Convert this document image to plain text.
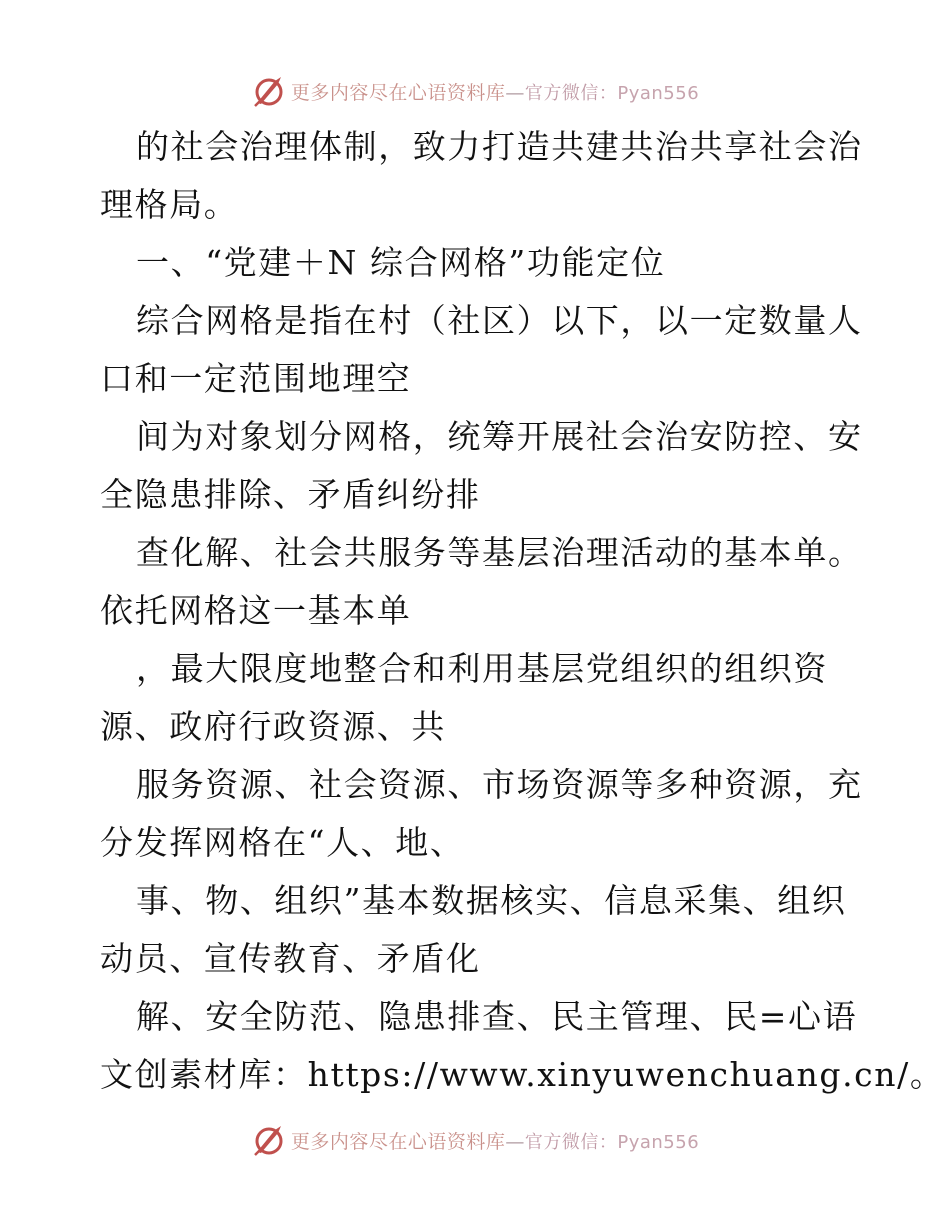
更多内容尽在心语资料库—官方微信：Pyan556
的社会治理体制，致力打造共建共治共享社会治
理格局。
一、“党建＋N 综合网格”功能定位
综合网格是指在村（社区）以下，以一定数量人
口和一定范围地理空
间为对象划分网格，统筹开展社会治安防控、安
全隐患排除、矛盾纠纷排
查化解、社会共服务等基层治理活动的基本单。
依托网格这一基本单
，最大限度地整合和利用基层党组织的组织资
源、政府行政资源、共
服务资源、社会资源、市场资源等多种资源，充
分发挥网格在“人、地、
事、物、组织”基本数据核实、信息采集、组织
动员、宣传教育、矛盾化
解、安全防范、隐患排查、民主管理、民=心语
文创素材库：https://www.xinyuwenchuang.cn/。
更多内容尽在心语资料库—官方微信：Pyan556
